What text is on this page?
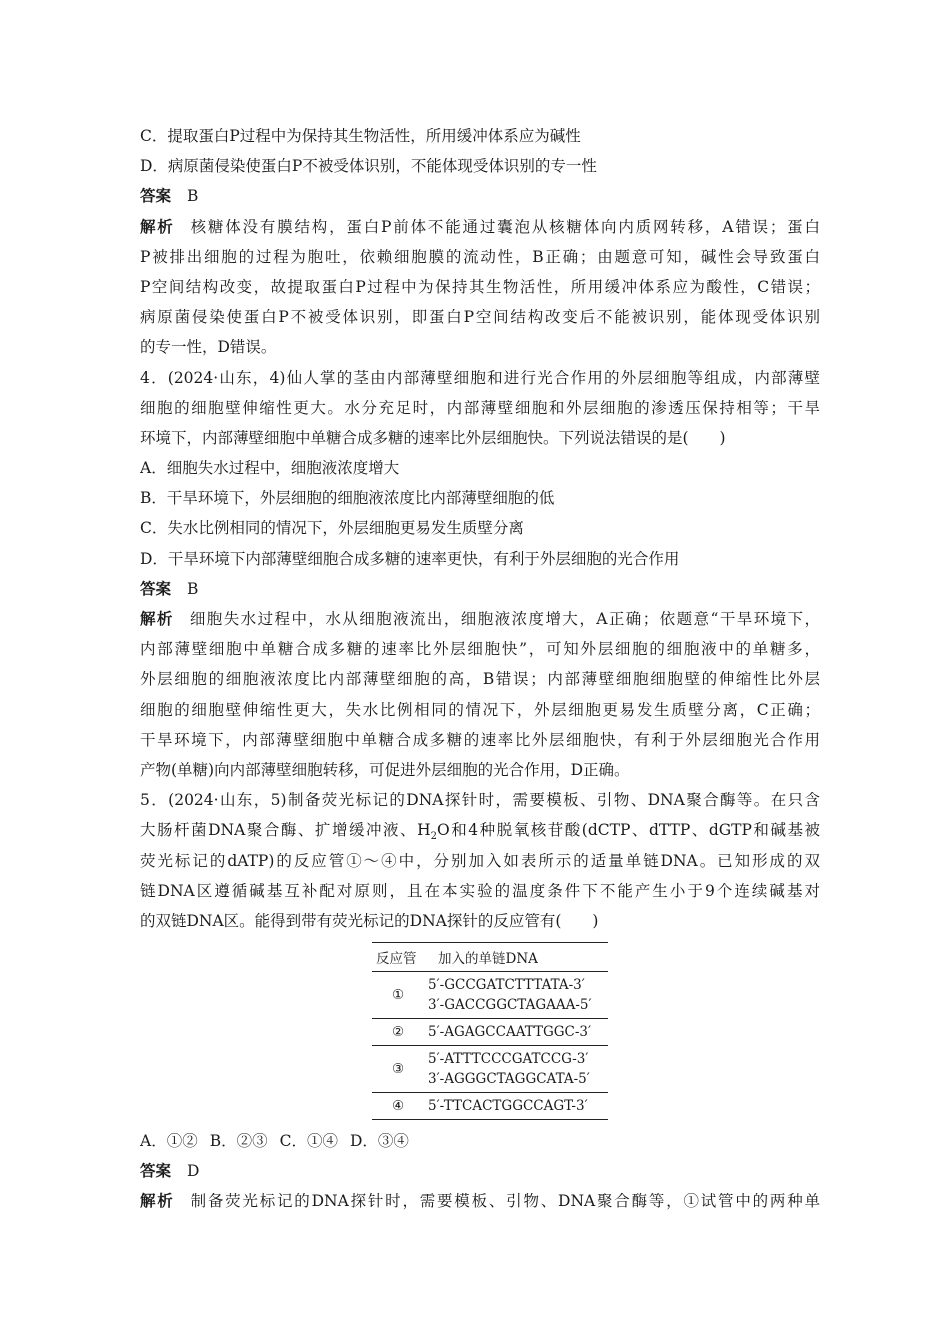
C．提取蛋白P过程中为保持其生物活性，所用缓冲体系应为碱性
D．病原菌侵染使蛋白P不被受体识别，不能体现受体识别的专一性
答案 B
解析 核糖体没有膜结构，蛋白P前体不能通过囊泡从核糖体向内质网转移，A错误；蛋白
P被排出细胞的过程为胞吐，依赖细胞膜的流动性，B正确；由题意可知，碱性会导致蛋白
P空间结构改变，故提取蛋白P过程中为保持其生物活性，所用缓冲体系应为酸性，C错误；
病原菌侵染使蛋白P不被受体识别，即蛋白P空间结构改变后不能被识别，能体现受体识别
的专一性，D错误。
4．(2024·山东，4)仙人掌的茎由内部薄壁细胞和进行光合作用的外层细胞等组成，内部薄壁
细胞的细胞壁伸缩性更大。水分充足时，内部薄壁细胞和外层细胞的渗透压保持相等；干旱
环境下，内部薄壁细胞中单糖合成多糖的速率比外层细胞快。下列说法错误的是(　　)
A．细胞失水过程中，细胞液浓度增大
B．干旱环境下，外层细胞的细胞液浓度比内部薄壁细胞的低
C．失水比例相同的情况下，外层细胞更易发生质壁分离
D．干旱环境下内部薄壁细胞合成多糖的速率更快，有利于外层细胞的光合作用
答案 B
解析 细胞失水过程中，水从细胞液流出，细胞液浓度增大，A正确；依题意“干旱环境下，
内部薄壁细胞中单糖合成多糖的速率比外层细胞快”，可知外层细胞的细胞液中的单糖多，
外层细胞的细胞液浓度比内部薄壁细胞的高，B错误；内部薄壁细胞细胞壁的伸缩性比外层
细胞的细胞壁伸缩性更大，失水比例相同的情况下，外层细胞更易发生质壁分离，C正确；
干旱环境下，内部薄壁细胞中单糖合成多糖的速率比外层细胞快，有利于外层细胞光合作用
产物(单糖)向内部薄壁细胞转移，可促进外层细胞的光合作用，D正确。
5．(2024·山东，5)制备荧光标记的DNA探针时，需要模板、引物、DNA聚合酶等。在只含
大肠杆菌DNA聚合酶、扩增缓冲液、$H_2O$和4种脱氧核苷酸(dCTP、dTTP、dGTP和碱基被
荧光标记的dATP)的反应管①～④中，分别加入如表所示的适量单链DNA。已知形成的双
链DNA区遵循碱基互补配对原则，且在本实验的温度条件下不能产生小于9个连续碱基对
的双链DNA区。能得到带有荧光标记的DNA探针的反应管有(　　)
反应管	加入的单链DNA
①	5′-GCCGATCTTTATA-3′
3′-GACCGGCTAGAAA-5′

②	5′-AGAGCCAATTGGC-3′

③	5′-ATTTCCCGATCCG-3′
3′-AGGGCTAGGCATA-5′

④	5′-TTCACTGGCCAGT-3′
A．①② B．②③ C．①④ D．③④
答案 D
解析 制备荧光标记的DNA探针时，需要模板、引物、DNA聚合酶等，①试管中的两种单
